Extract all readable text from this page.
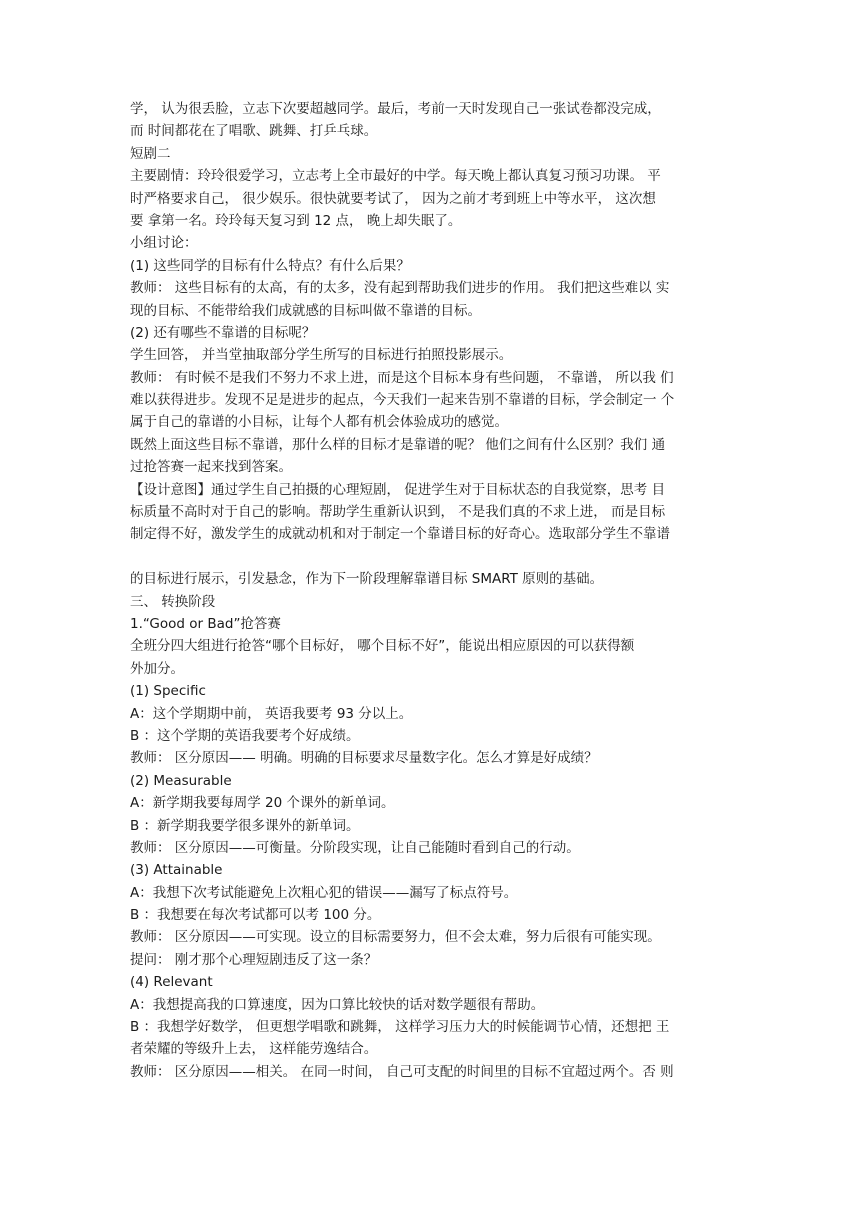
学， 认为很丢脸，立志下次要超越同学。最后，考前一天时发现自己一张试卷都没完成，
而 时间都花在了唱歌、跳舞、打乒乓球。
短剧二
主要剧情：玲玲很爱学习，立志考上全市最好的中学。每天晚上都认真复习预习功课。 平
时严格要求自己， 很少娱乐。很快就要考试了， 因为之前才考到班上中等水平， 这次想
要 拿第一名。玲玲每天复习到 12 点， 晚上却失眠了。
小组讨论：
(1) 这些同学的目标有什么特点？有什么后果？
教师： 这些目标有的太高，有的太多，没有起到帮助我们进步的作用。 我们把这些难以 实
现的目标、不能带给我们成就感的目标叫做不靠谱的目标。
(2) 还有哪些不靠谱的目标呢？
学生回答， 并当堂抽取部分学生所写的目标进行拍照投影展示。
教师： 有时候不是我们不努力不求上进，而是这个目标本身有些问题， 不靠谱， 所以我 们
难以获得进步。发现不足是进步的起点，今天我们一起来告别不靠谱的目标，学会制定一 个
属于自己的靠谱的小目标，让每个人都有机会体验成功的感觉。
既然上面这些目标不靠谱，那什么样的目标才是靠谱的呢？ 他们之间有什么区别？我们 通
过抢答赛一起来找到答案。
【设计意图】通过学生自己拍摄的心理短剧， 促进学生对于目标状态的自我觉察，思考 目
标质量不高时对于自己的影响。帮助学生重新认识到， 不是我们真的不求上进， 而是目标
制定得不好，激发学生的成就动机和对于制定一个靠谱目标的好奇心。选取部分学生不靠谱
的目标进行展示，引发悬念，作为下一阶段理解靠谱目标 SMART 原则的基础。
三、 转换阶段
1.“Good or Bad”抢答赛
全班分四大组进行抢答“哪个目标好， 哪个目标不好”，能说出相应原因的可以获得额
外加分。
(1) Specific
A：这个学期期中前， 英语我要考 93 分以上。
B ：这个学期的英语我要考个好成绩。
教师： 区分原因—— 明确。明确的目标要求尽量数字化。怎么才算是好成绩？
(2) Measurable
A：新学期我要每周学 20 个课外的新单词。
B ：新学期我要学很多课外的新单词。
教师： 区分原因——可衡量。分阶段实现，让自己能随时看到自己的行动。
(3) Attainable
A：我想下次考试能避免上次粗心犯的错误——漏写了标点符号。
B ：我想要在每次考试都可以考 100 分。
教师： 区分原因——可实现。设立的目标需要努力，但不会太难，努力后很有可能实现。
提问： 刚才那个心理短剧违反了这一条？
(4) Relevant
A：我想提高我的口算速度，因为口算比较快的话对数学题很有帮助。
B ：我想学好数学， 但更想学唱歌和跳舞， 这样学习压力大的时候能调节心情，还想把 王
者荣耀的等级升上去， 这样能劳逸结合。
教师： 区分原因——相关。 在同一时间， 自己可支配的时间里的目标不宜超过两个。否 则
